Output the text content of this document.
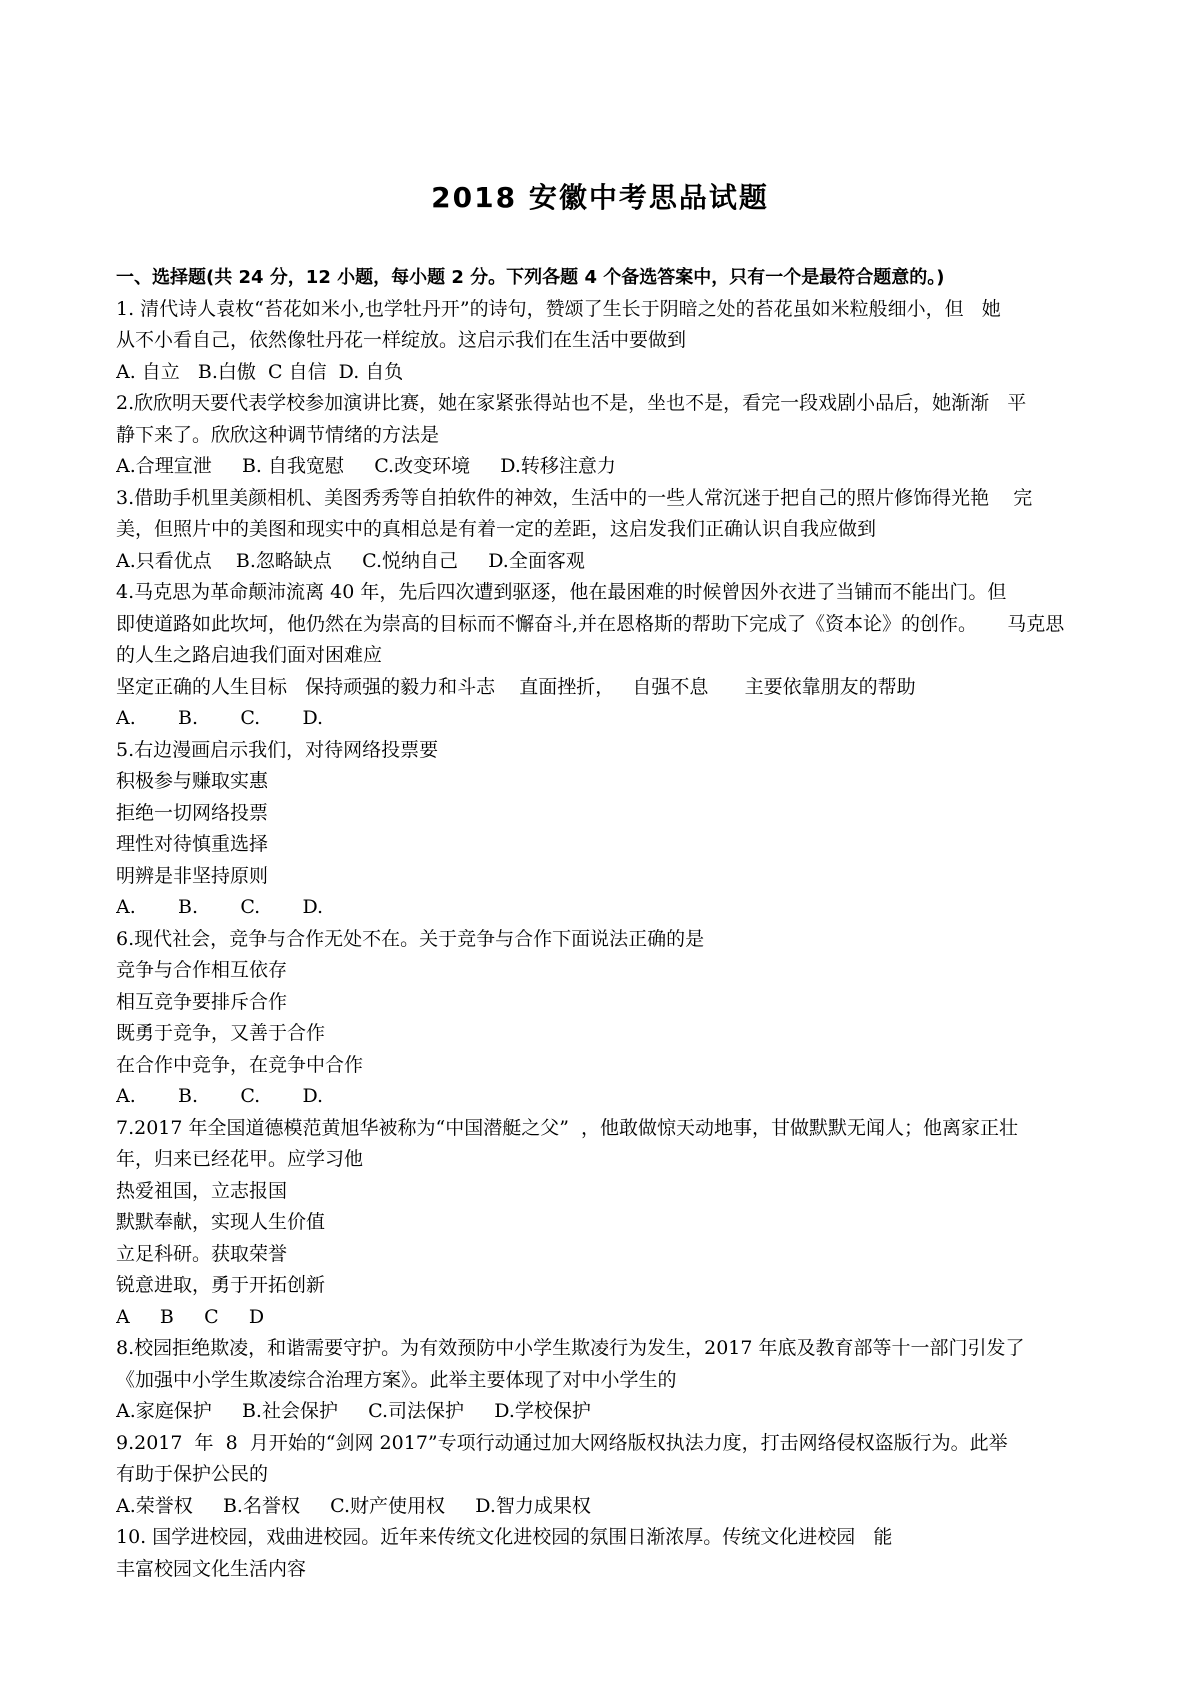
2018 安徽中考思品试题
一、选择题(共 24 分，12 小题，每小题 2 分。下列各题 4 个备选答案中，只有一个是最符合题意的。)
1. 清代诗人袁枚“苔花如米小,也学牡丹开”的诗句，赞颂了生长于阴暗之处的苔花虽如米粒般细小，但   她
从不小看自己，依然像牡丹花一样绽放。这启示我们在生活中要做到
A. 自立   B.白傲  C 自信  D. 自负
2.欣欣明天要代表学校参加演讲比赛，她在家紧张得站也不是，坐也不是，看完一段戏剧小品后，她渐渐   平
静下来了。欣欣这种调节情绪的方法是
A.合理宣泄     B. 自我宽慰     C.改变环境     D.转移注意力
3.借助手机里美颜相机、美图秀秀等自拍软件的神效，生活中的一些人常沉迷于把自己的照片修饰得光艳    完
美，但照片中的美图和现实中的真相总是有着一定的差距，这启发我们正确认识自我应做到
A.只看优点    B.忽略缺点     C.悦纳自己     D.全面客观
4.马克思为革命颠沛流离 40 年，先后四次遭到驱逐，他在最困难的时候曾因外衣进了当铺而不能出门。但
即使道路如此坎坷，他仍然在为崇高的目标而不懈奋斗,并在恩格斯的帮助下完成了《资本论》的创作。     马克思
的人生之路启迪我们面对困难应
坚定正确的人生目标   保持顽强的毅力和斗志    直面挫折，   自强不息      主要依靠朋友的帮助
A.       B.       C.       D.
5.右边漫画启示我们，对待网络投票要
积极参与赚取实惠
拒绝一切网络投票
理性对待慎重选择
明辨是非坚持原则
A.       B.       C.       D.
6.现代社会，竞争与合作无处不在。关于竞争与合作下面说法正确的是
竞争与合作相互依存
相互竞争要排斥合作
既勇于竞争，又善于合作
在合作中竞争，在竞争中合作
A.       B.       C.       D.
7.2017 年全国道德模范黄旭华被称为“中国潜艇之父”  ，他敢做惊天动地事，甘做默默无闻人；他离家正壮
年，归来已经花甲。应学习他
热爱祖国，立志报国
默默奉献，实现人生价值
立足科研。获取荣誉
锐意进取，勇于开拓创新
A     B     C     D
8.校园拒绝欺凌，和谐需要守护。为有效预防中小学生欺凌行为发生，2017 年底及教育部等十一部门引发了
《加强中小学生欺凌综合治理方案》。此举主要体现了对中小学生的
A.家庭保护     B.社会保护     C.司法保护     D.学校保护
9.2017  年  8  月开始的“剑网 2017”专项行动通过加大网络版权执法力度，打击网络侵权盗版行为。此举
有助于保护公民的
A.荣誉权     B.名誉权     C.财产使用权     D.智力成果权
10. 国学进校园，戏曲进校园。近年来传统文化进校园的氛围日渐浓厚。传统文化进校园   能
丰富校园文化生活内容
